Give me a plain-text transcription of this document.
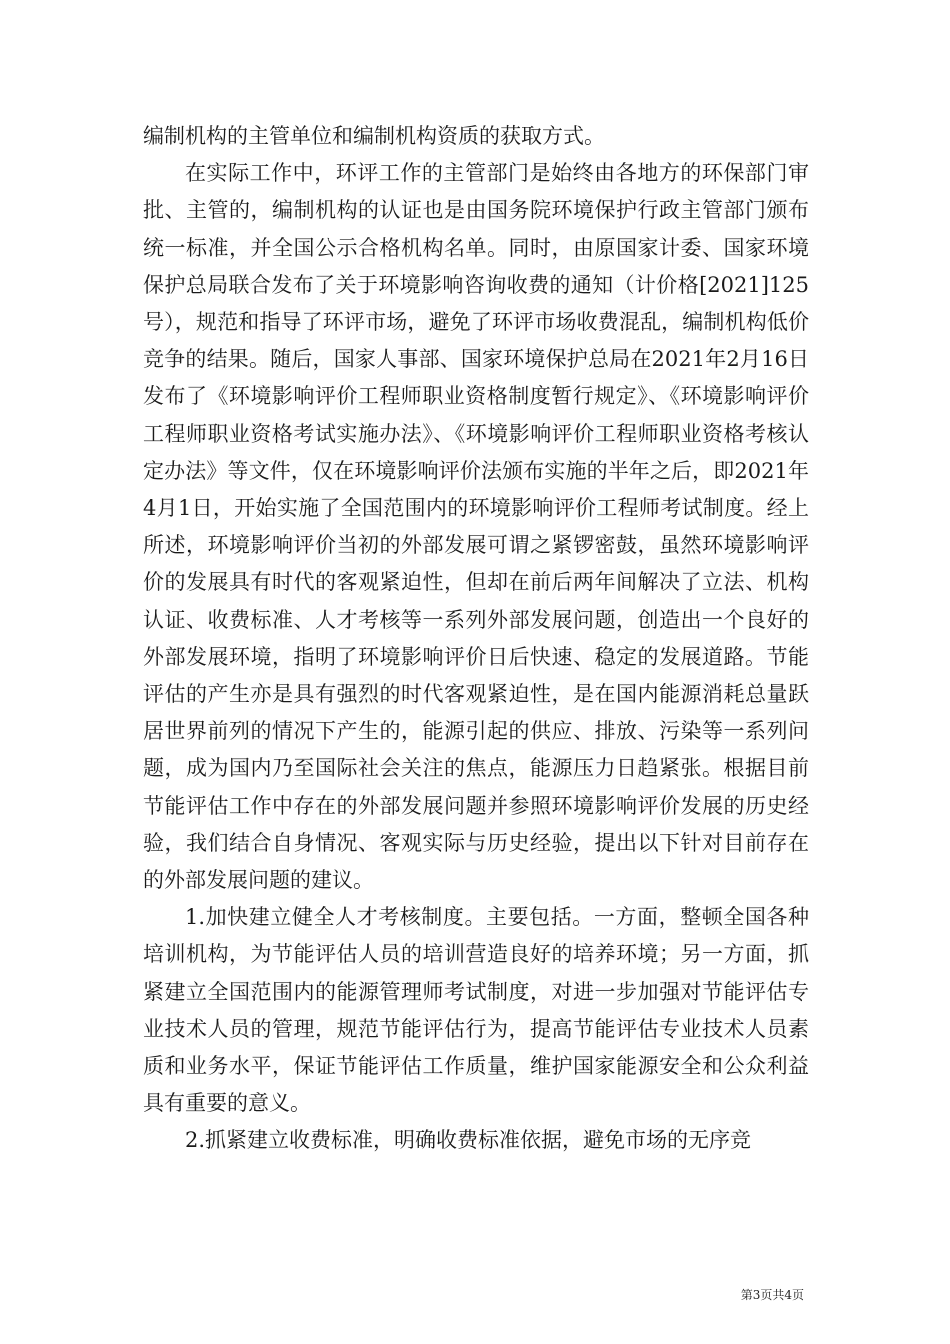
编制机构的主管单位和编制机构资质的获取方式。

在实际工作中，环评工作的主管部门是始终由各地方的环保部门审批、主管的，编制机构的认证也是由国务院环境保护行政主管部门颁布统一标准，并全国公示合格机构名单。同时，由原国家计委、国家环境保护总局联合发布了关于环境影响咨询收费的通知（计价格[2021]125号），规范和指导了环评市场，避免了环评市场收费混乱，编制机构低价竞争的结果。随后，国家人事部、国家环境保护总局在2021年2月16日发布了《环境影响评价工程师职业资格制度暂行规定》、《环境影响评价工程师职业资格考试实施办法》、《环境影响评价工程师职业资格考核认定办法》等文件，仅在环境影响评价法颁布实施的半年之后，即2021年4月1日，开始实施了全国范围内的环境影响评价工程师考试制度。经上所述，环境影响评价当初的外部发展可谓之紧锣密鼓，虽然环境影响评价的发展具有时代的客观紧迫性，但却在前后两年间解决了立法、机构认证、收费标准、人才考核等一系列外部发展问题，创造出一个良好的外部发展环境，指明了环境影响评价日后快速、稳定的发展道路。节能评估的产生亦是具有强烈的时代客观紧迫性，是在国内能源消耗总量跃居世界前列的情况下产生的，能源引起的供应、排放、污染等一系列问题，成为国内乃至国际社会关注的焦点，能源压力日趋紧张。根据目前节能评估工作中存在的外部发展问题并参照环境影响评价发展的历史经验，我们结合自身情况、客观实际与历史经验，提出以下针对目前存在的外部发展问题的建议。

1.加快建立健全人才考核制度。主要包括。一方面，整顿全国各种培训机构，为节能评估人员的培训营造良好的培养环境；另一方面，抓紧建立全国范围内的能源管理师考试制度，对进一步加强对节能评估专业技术人员的管理，规范节能评估行为，提高节能评估专业技术人员素质和业务水平，保证节能评估工作质量，维护国家能源安全和公众利益具有重要的意义。

2.抓紧建立收费标准，明确收费标准依据，避免市场的无序竞

第3页共4页
